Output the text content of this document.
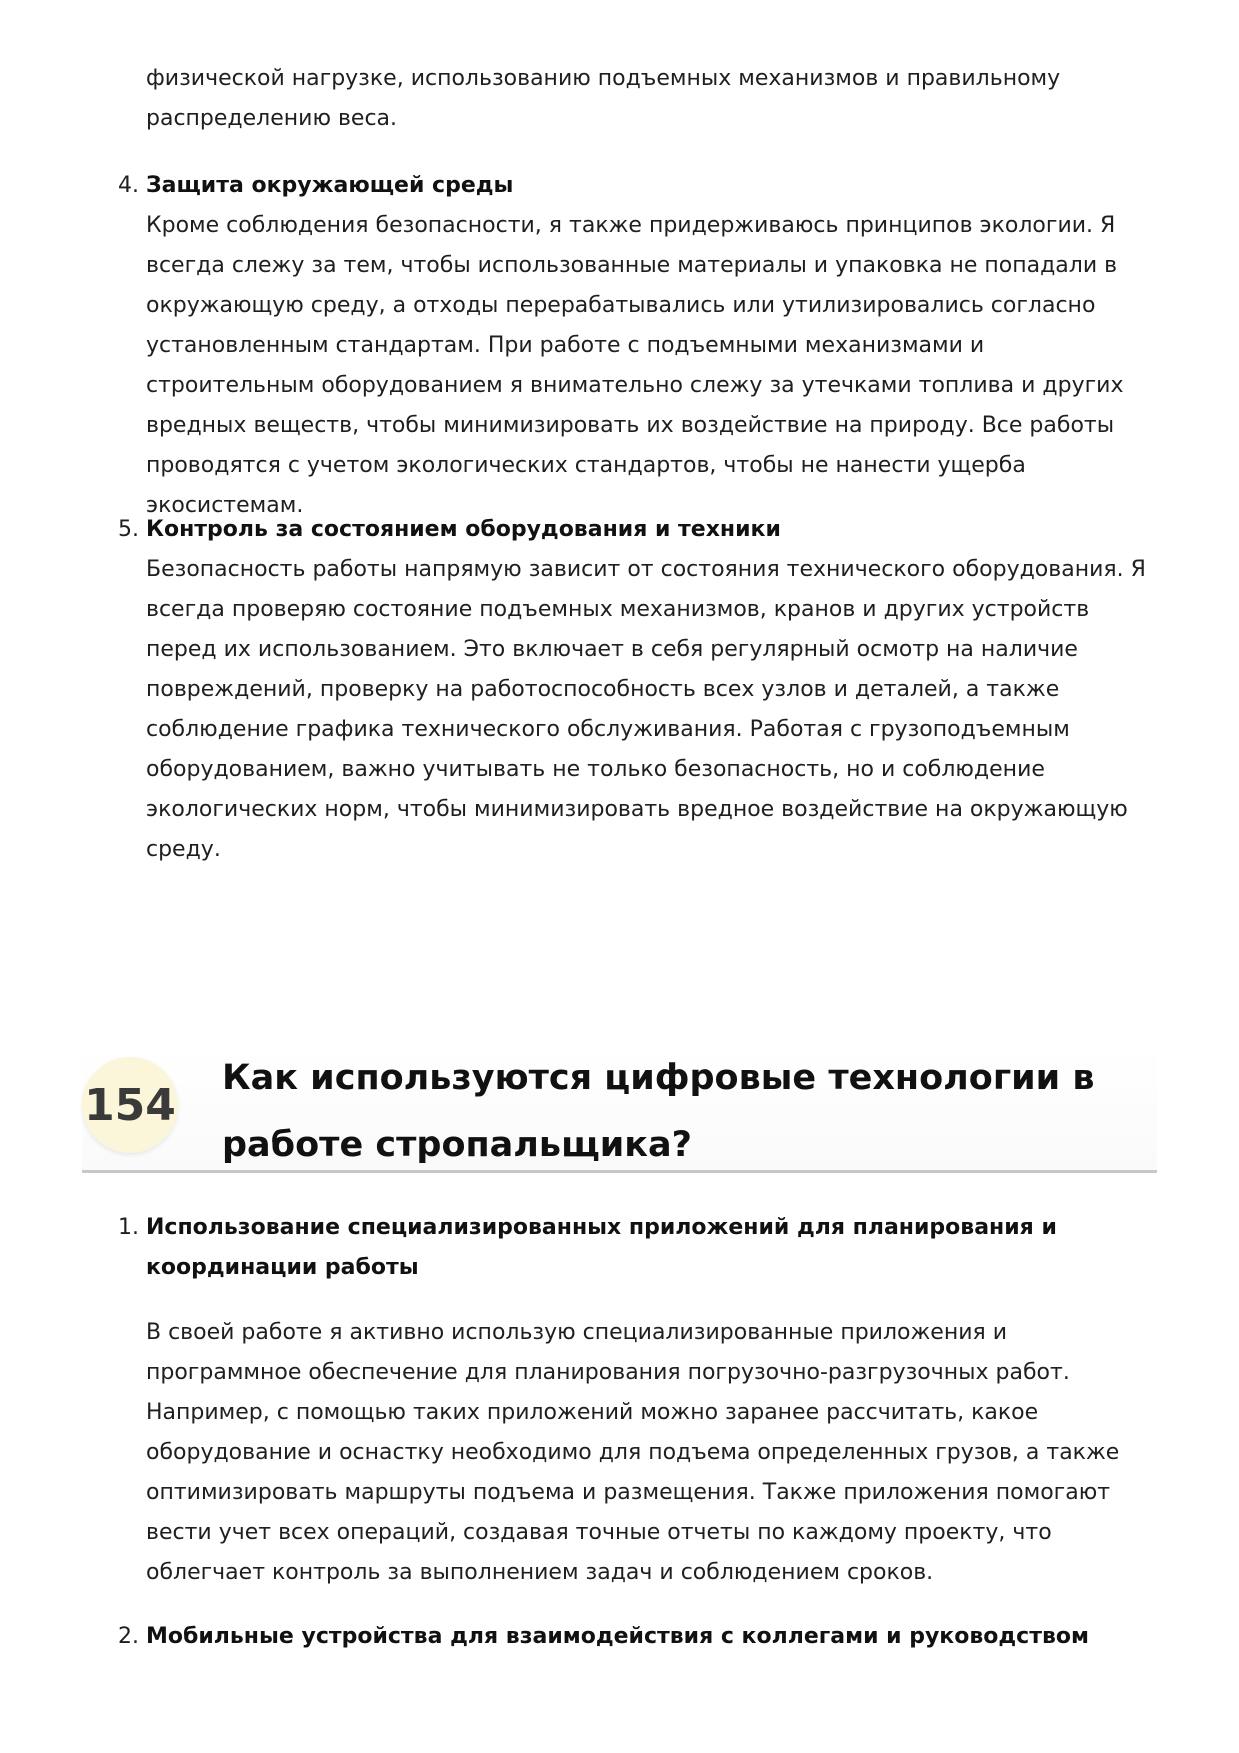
физической нагрузке, использованию подъемных механизмов и правильному распределению веса.

4. Защита окружающей среды

Кроме соблюдения безопасности, я также придерживаюсь принципов экологии. Я всегда слежу за тем, чтобы использованные материалы и упаковка не попадали в окружающую среду, а отходы перерабатывались или утилизировались согласно установленным стандартам. При работе с подъемными механизмами и строительным оборудованием я внимательно слежу за утечками топлива и других вредных веществ, чтобы минимизировать их воздействие на природу. Все работы проводятся с учетом экологических стандартов, чтобы не нанести ущерба экосистемам.

5. Контроль за состоянием оборудования и техники

Безопасность работы напрямую зависит от состояния технического оборудования. Я всегда проверяю состояние подъемных механизмов, кранов и других устройств перед их использованием. Это включает в себя регулярный осмотр на наличие повреждений, проверку на работоспособность всех узлов и деталей, а также соблюдение графика технического обслуживания. Работая с грузоподъемным оборудованием, важно учитывать не только безопасность, но и соблюдение экологических норм, чтобы минимизировать вредное воздействие на окружающую среду.

154
Как используются цифровые технологии в работе стропальщика?
1. Использование специализированных приложений для планирования и координации работы

В своей работе я активно использую специализированные приложения и программное обеспечение для планирования погрузочно-разгрузочных работ. Например, с помощью таких приложений можно заранее рассчитать, какое оборудование и оснастку необходимо для подъема определенных грузов, а также оптимизировать маршруты подъема и размещения. Также приложения помогают вести учет всех операций, создавая точные отчеты по каждому проекту, что облегчает контроль за выполнением задач и соблюдением сроков.

2. Мобильные устройства для взаимодействия с коллегами и руководством
